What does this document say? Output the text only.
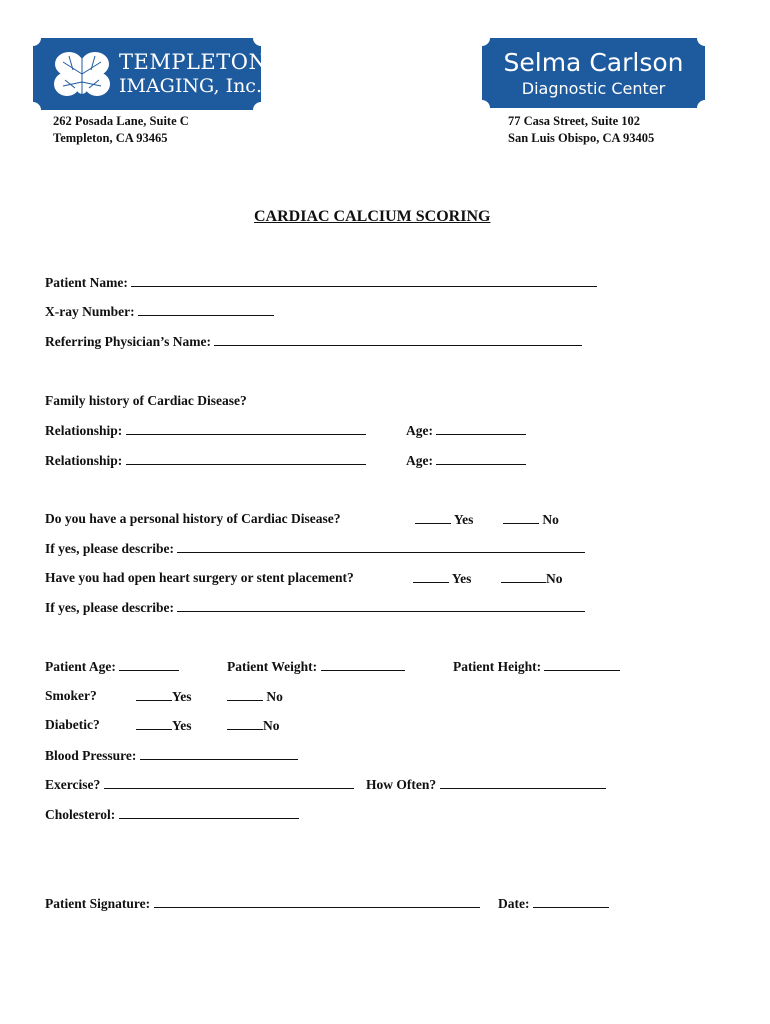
TEMPLETON
IMAGING, Inc.
Selma Carlson
Diagnostic Center
262 Posada Lane, Suite C
Templeton, CA 93465
77 Casa Street, Suite 102
San Luis Obispo, CA 93405
CARDIAC CALCIUM SCORING
Patient Name:
X-ray Number:
Referring Physician’s Name:
Family history of Cardiac Disease?
Relationship:	Age:
Relationship:	Age:
Do you have a personal history of Cardiac Disease?	Yes	No
If yes, please describe:
Have you had open heart surgery or stent placement?	Yes	No
If yes, please describe:
Patient Age:	Patient Weight:	Patient Height:
Smoker?	Yes	No
Diabetic?	Yes	No
Blood Pressure:
Exercise?	How Often?
Cholesterol:
Patient Signature:	Date:
